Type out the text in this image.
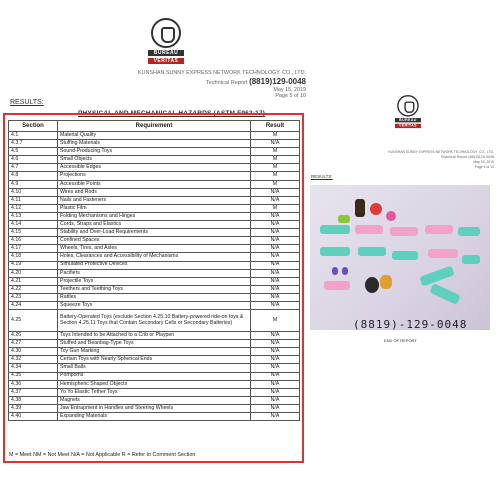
BUREAU
VERITAS
KUNSHAN SUNNY EXPRESS NETWORK TECHNOLOGY. CO., LTD.
Technical Report (8819)129-0048
May 15, 2019
Page 5 of 10
RESULTS:
PHYSICAL AND MECHANICAL HAZARDS (ASTM F963-17)
Section	Requirement	Result
4.1	Material Quality	M
4.3.7	Stuffing Materials	N/A
4.5	Sound-Producing Toys	M
4.6	Small Objects	M
4.7	Accessible Edges	M
4.8	Projections	M
4.9	Accessible Points	M
4.10	Wires and Rods	N/A
4.11	Nails and Fasteners	N/A
4.12	Plastic Film	M
4.13	Folding Mechanisms and Hinges	N/A
4.14	Cords, Straps and Elastics	N/A
4.15	Stability and Over-Load Requirements	N/A
4.16	Confined Spaces	N/A
4.17	Wheels, Tires, and Axles	N/A
4.18	Holes, Clearances and Accessibility of Mechanisms	N/A
4.19	Simulated Protective Devices	N/A
4.20	Pacifiers	N/A
4.21	Projectile Toys	N/A
4.22	Teethers and Teething Toys	N/A
4.23	Rattles	N/A
4.24	Squeeze Toys	N/A
4.25	Battery-Operated Toys (exclude Section 4.25.10 Battery-powered ride-on toys & Section 4.25.11 Toys that Contain Secondary Cells or Secondary Batteries)	M
4.26	Toys Intended to be Attached to a Crib or Playpen	N/A
4.27	Stuffed and Beanbag-Type Toys	N/A
4.30	Toy Gun Marking	N/A
4.32	Certain Toys with Nearly Spherical Ends	N/A
4.34	Small Balls	N/A
4.35	Pompoms	N/A
4.36	Hemispheric Shaped Objects	N/A
4.37	Yo Yo Elastic Tether Toys	N/A
4.38	Magnets	N/A
4.39	Jaw Entrapment in Handles and Steering Wheels	N/A
4.40	Expanding Materials	N/A
M = Meet NM = Not Meet N/A = Not Applicable R = Refer to Comment Section
BUREAU
VERITAS
KUNSHAN SUNNY EXPRESS NETWORK TECHNOLOGY. CO., LTD.
Technical Report (8819)129-0048
May 15, 2019
Page 6 of 10
RESULTS:
(8819)-129-0048
END OF REPORT
